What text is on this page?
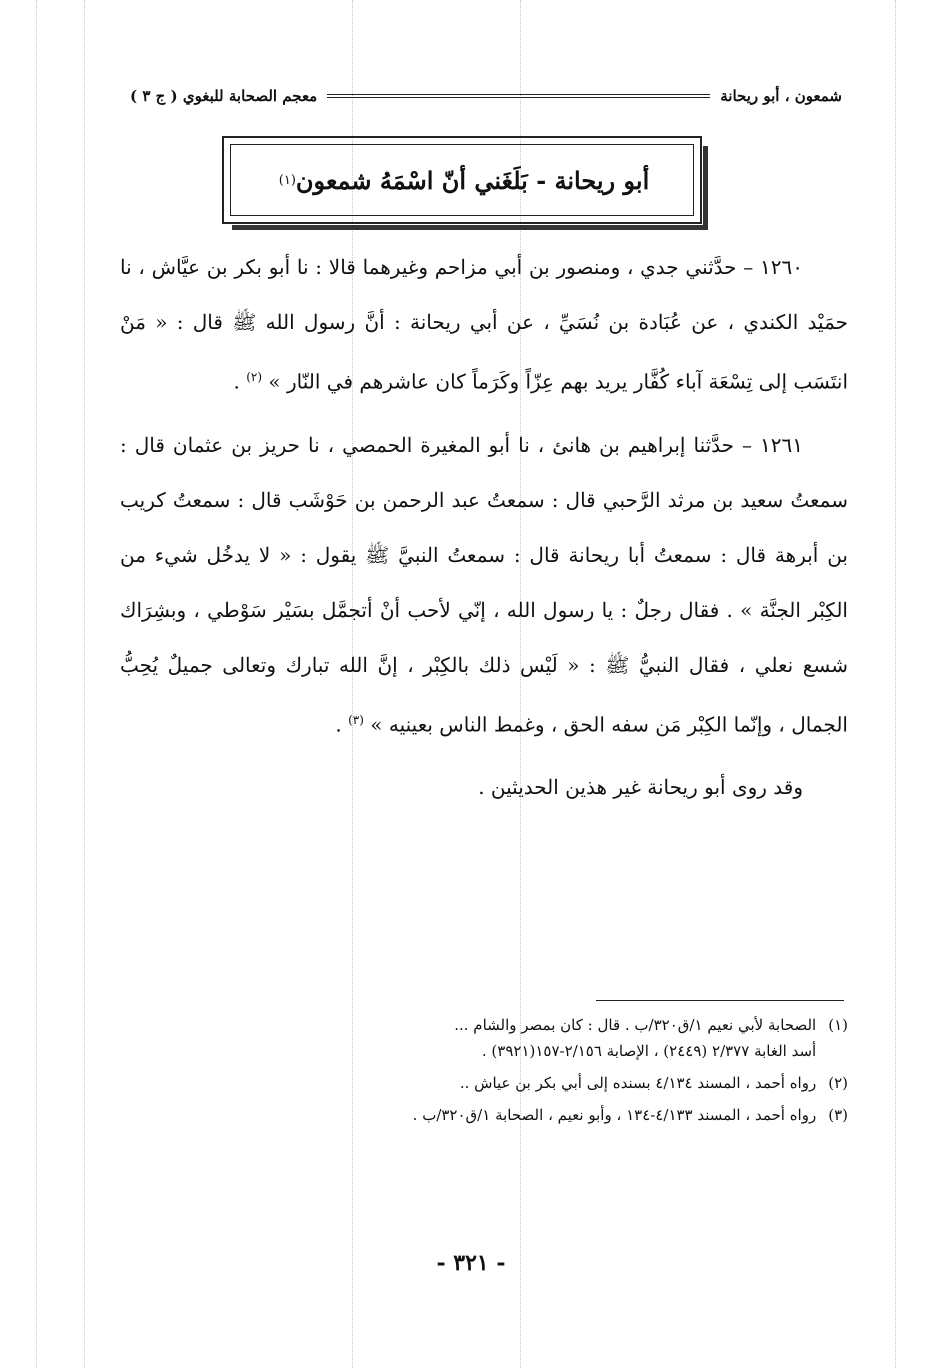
شمعون ، أبو ريحانة
معجم الصحابة للبغوي ( ج ٣ )
أبو ريحانة - بَلَغَني أنّ اسْمَهُ شمعون
(١)

١٢٦٠ – حدَّثني جدي ، ومنصور بن أبي مزاحم وغيرهما قالا : نا أبو بكر بن عيَّاش ، نا حمَيْد الكندي ، عن عُبَادة بن نُسَيِّ ، عن أبي ريحانة : أنَّ رسول الله ﷺ قال : « مَنْ انتَسَب إلى تِسْعَة آباء كُفَّار يريد بهم عِزّاً وكَرَماً كان عاشرهم في النّار » $^{(٢)}$ .

١٢٦١ – حدَّثنا إبراهيم بن هانئ ، نا أبو المغيرة الحمصي ، نا حريز بن عثمان قال : سمعتُ سعيد بن مرثد الرَّحبي قال : سمعتُ عبد الرحمن بن حَوْشَب قال : سمعتُ كريب بن أبرهة قال : سمعتُ أبا ريحانة قال : سمعتُ النبيَّ ﷺ يقول : « لا يدخُل شيء من الكِبْر الجنَّة » . فقال رجلٌ : يا رسول الله ، إنّي لأحب أنْ أتجمَّل بسَيْر سَوْطي ، وبشِرَاك شسع نعلي ، فقال النبيُّ ﷺ : « لَيْس ذلك بالكِبْر ، إنَّ الله تبارك وتعالى جميلٌ يُحِبُّ الجمال ، وإنّما الكِبْر مَن سفه الحق ، وغمط الناس بعينيه » $^{(٣)}$ .

وقد روى أبو ريحانة غير هذين الحديثين .

(١)
الصحابة لأبي نعيم ١/ق٣٢٠/ب . قال : كان بمصر والشام ...
أسد الغابة ٢/٣٧٧ (٢٤٤٩) ، الإصابة ٢/١٥٦-١٥٧(٣٩٢١) .
(٢)
رواه أحمد ، المسند ٤/١٣٤ بسنده إلى أبي بكر بن عياش ..
(٣)
رواه أحمد ، المسند ٤/١٣٣-١٣٤ ، وأبو نعيم ، الصحابة ١/ق٣٢٠/ب .
- ٣٢١ -
